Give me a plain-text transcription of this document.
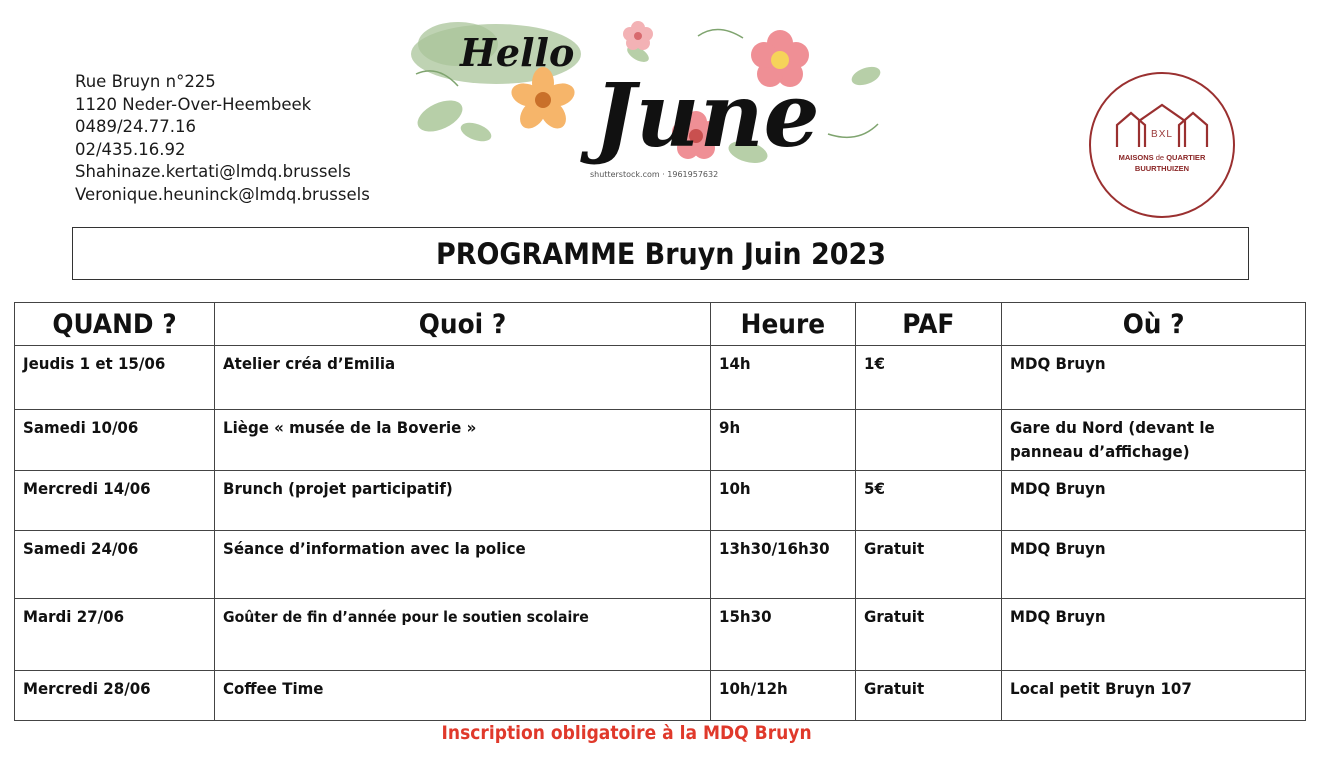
Rue Bruyn n°225
1120 Neder-Over-Heembeek
0489/24.77.16
02/435.16.92
Shahinaze.kertati@lmdq.brussels
Veronique.heuninck@lmdq.brussels
Hello
June
shutterstock.com · 1961957632
BXL
MAISONS de QUARTIER
BUURTHUIZEN
PROGRAMME Bruyn Juin 2023
QUAND ?	Quoi ?	Heure	PAF	Où ?

Jeudis 1 et 15/06	Atelier créa d’Emilia	14h	1€	MDQ Bruyn

Samedi 10/06	Liège « musée de la Boverie »	9h		Gare du Nord (devant le panneau d’affichage)

Mercredi 14/06	Brunch (projet participatif)	10h	5€	MDQ Bruyn

Samedi 24/06	Séance d’information avec la police	13h30/16h30	Gratuit	MDQ Bruyn

Mardi 27/06	Goûter de fin d’année pour le soutien scolaire	15h30	Gratuit	MDQ Bruyn

Mercredi 28/06	Coffee Time	10h/12h	Gratuit	Local petit Bruyn 107
Inscription obligatoire à la MDQ Bruyn
